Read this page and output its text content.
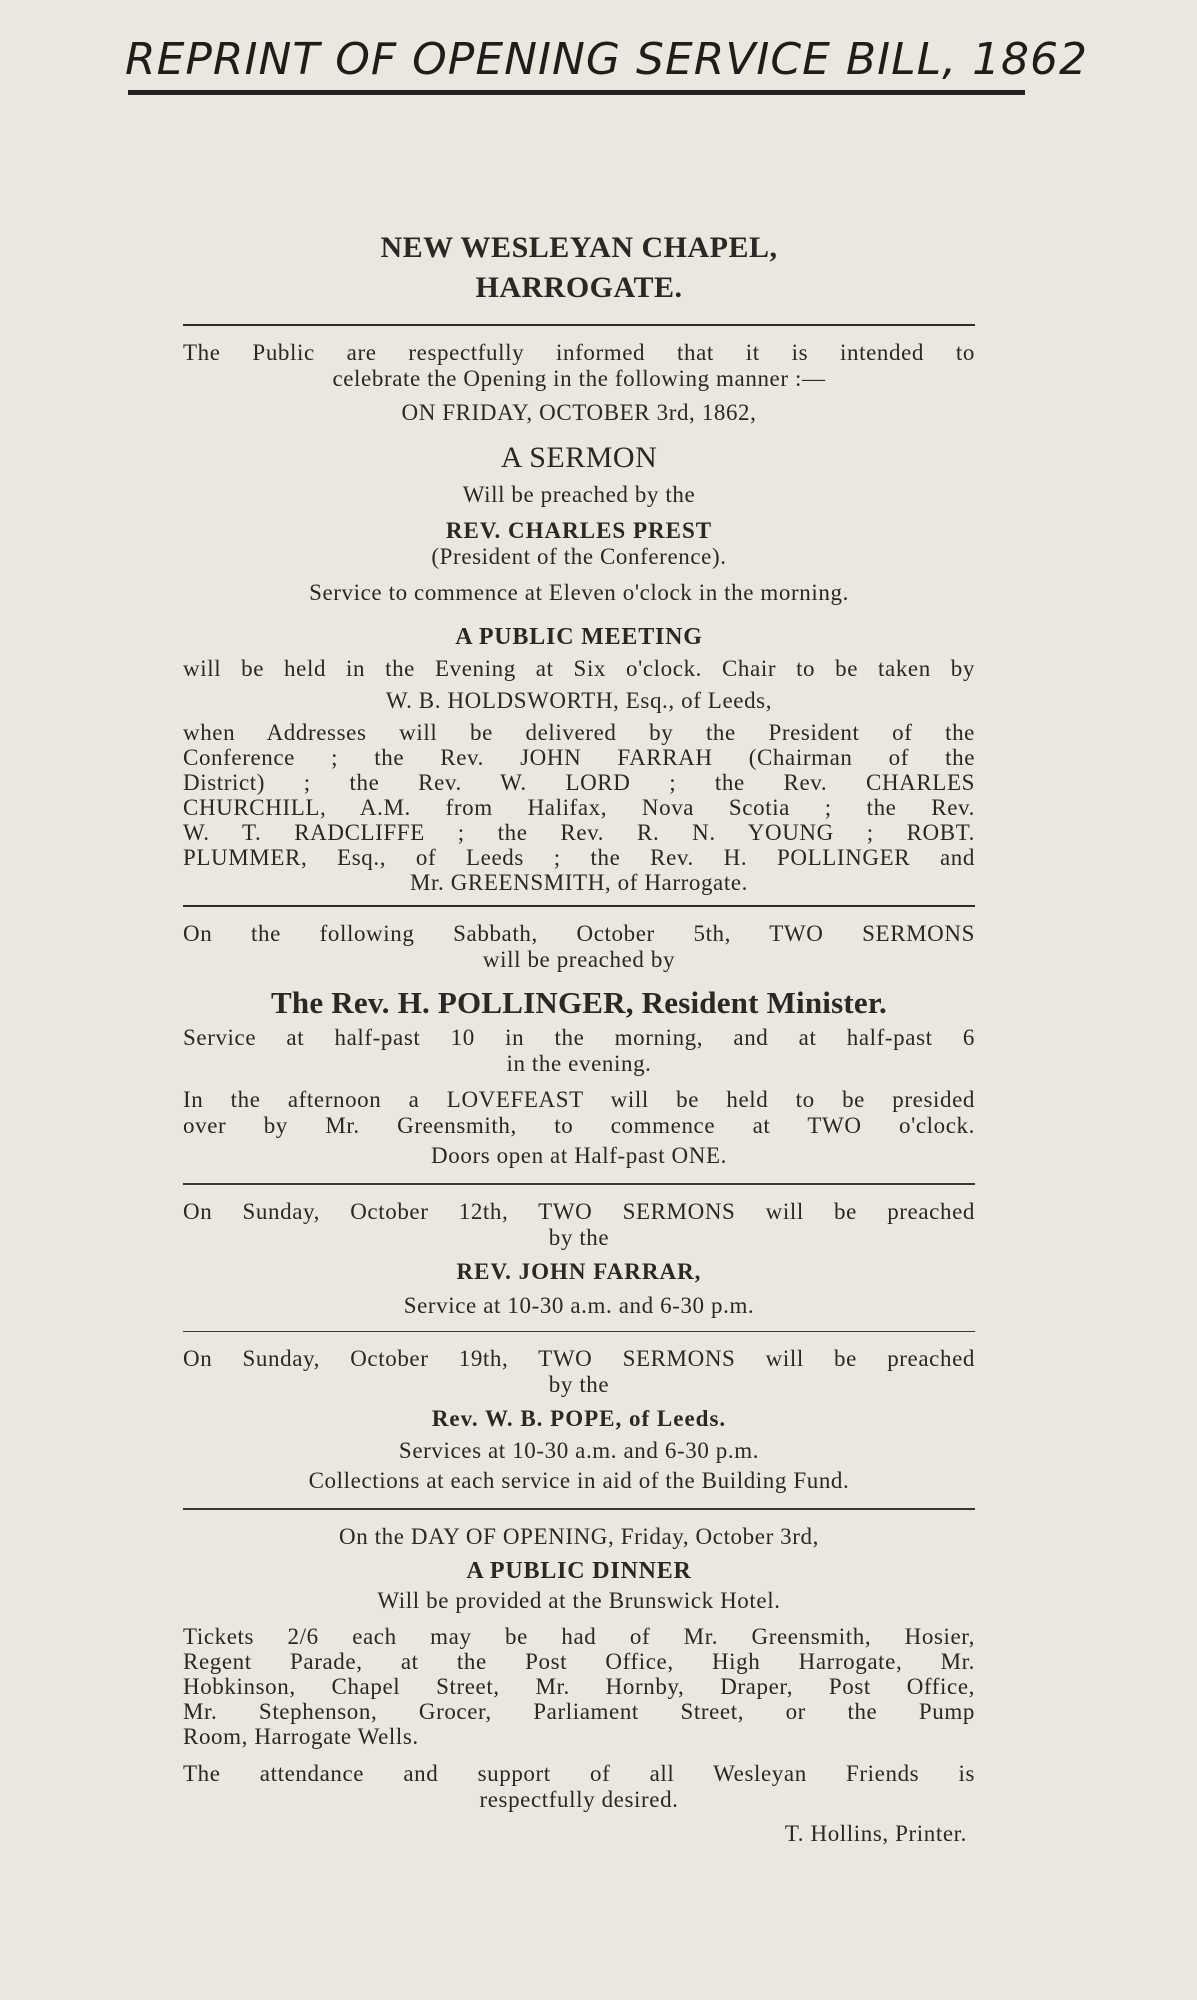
REPRINT OF OPENING SERVICE BILL, 1862
NEW WESLEYAN CHAPEL,
HARROGATE.
The Public are respectfully informed that it is intended to
celebrate the Opening in the following manner :—
ON FRIDAY, OCTOBER 3rd, 1862,
A SERMON
Will be preached by the
REV. CHARLES PREST
(President of the Conference).
Service to commence at Eleven o'clock in the morning.
A PUBLIC MEETING
will be held in the Evening at Six o'clock. Chair to be taken by
W. B. HOLDSWORTH, Esq., of Leeds,
when Addresses will be delivered by the President of the
Conference ; the Rev. JOHN FARRAH (Chairman of the
District) ; the Rev. W. LORD ; the Rev. CHARLES
CHURCHILL, A.M. from Halifax, Nova Scotia ; the Rev.
W. T. RADCLIFFE ; the Rev. R. N. YOUNG ; ROBT.
PLUMMER, Esq., of Leeds ; the Rev. H. POLLINGER and
Mr. GREENSMITH, of Harrogate.
On the following Sabbath, October 5th, TWO SERMONS
will be preached by
The Rev. H. POLLINGER, Resident Minister.
Service at half-past 10 in the morning, and at half-past 6
in the evening.
In the afternoon a LOVEFEAST will be held to be presided
over by Mr. Greensmith, to commence at TWO o'clock.
Doors open at Half-past ONE.
On Sunday, October 12th, TWO SERMONS will be preached
by the
REV. JOHN FARRAR,
Service at 10-30 a.m. and 6-30 p.m.
On Sunday, October 19th, TWO SERMONS will be preached
by the
Rev. W. B. POPE, of Leeds.
Services at 10-30 a.m. and 6-30 p.m.
Collections at each service in aid of the Building Fund.
On the DAY OF OPENING, Friday, October 3rd,
A PUBLIC DINNER
Will be provided at the Brunswick Hotel.
Tickets 2/6 each may be had of Mr. Greensmith, Hosier,
Regent Parade, at the Post Office, High Harrogate, Mr.
Hobkinson, Chapel Street, Mr. Hornby, Draper, Post Office,
Mr. Stephenson, Grocer, Parliament Street, or the Pump
Room, Harrogate Wells.
The attendance and support of all Wesleyan Friends is
respectfully desired.
T. Hollins, Printer.
